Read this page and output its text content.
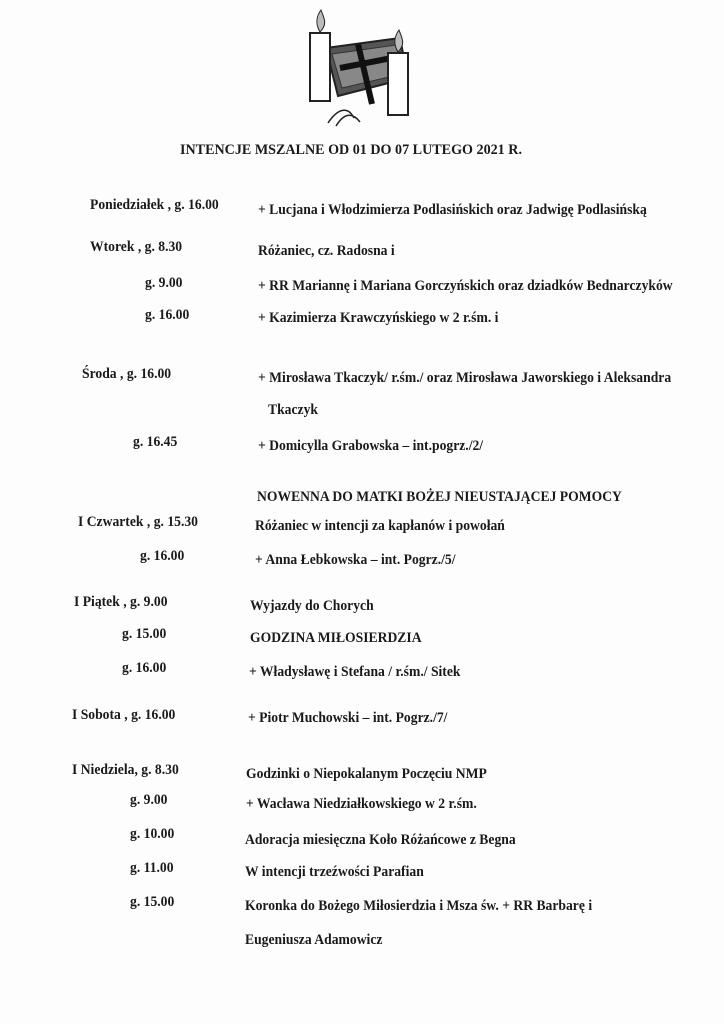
INTENCJE MSZALNE OD 01 DO 07 LUTEGO 2021 R.
Poniedziałek , g. 16.00	+ Lucjana i Włodzimierza Podlasińskich oraz Jadwigę Podlasińską
Wtorek , g. 8.30	Różaniec, cz. Radosna i
g. 9.00	+ RR Mariannę i Mariana Gorczyńskich oraz dziadków Bednarczyków
g. 16.00	+ Kazimierza Krawczyńskiego w 2 r.śm. i
Środa , g. 16.00	+ Mirosława Tkaczyk/ r.śm./ oraz Mirosława Jaworskiego i Aleksandra
Tkaczyk
g. 16.45	+ Domicylla Grabowska – int.pogrz./2/
NOWENNA DO MATKI BOŻEJ NIEUSTAJĄCEJ POMOCY
I Czwartek , g. 15.30	Różaniec w intencji za kapłanów i powołań
g. 16.00	+ Anna Łebkowska – int. Pogrz./5/
I Piątek , g. 9.00	Wyjazdy do Chorych
g. 15.00	GODZINA MIŁOSIERDZIA
g. 16.00	+ Władysławę i Stefana / r.śm./ Sitek
I Sobota , g. 16.00	+ Piotr Muchowski – int. Pogrz./7/
I Niedziela, g. 8.30	Godzinki o Niepokalanym Poczęciu NMP
g. 9.00	+ Wacława Niedziałkowskiego w 2 r.śm.
g. 10.00	Adoracja miesięczna Koło Różańcowe z Begna
g. 11.00	W intencji trzeźwości Parafian
g. 15.00	Koronka do Bożego Miłosierdzia i Msza św. + RR Barbarę i
Eugeniusza Adamowicz
